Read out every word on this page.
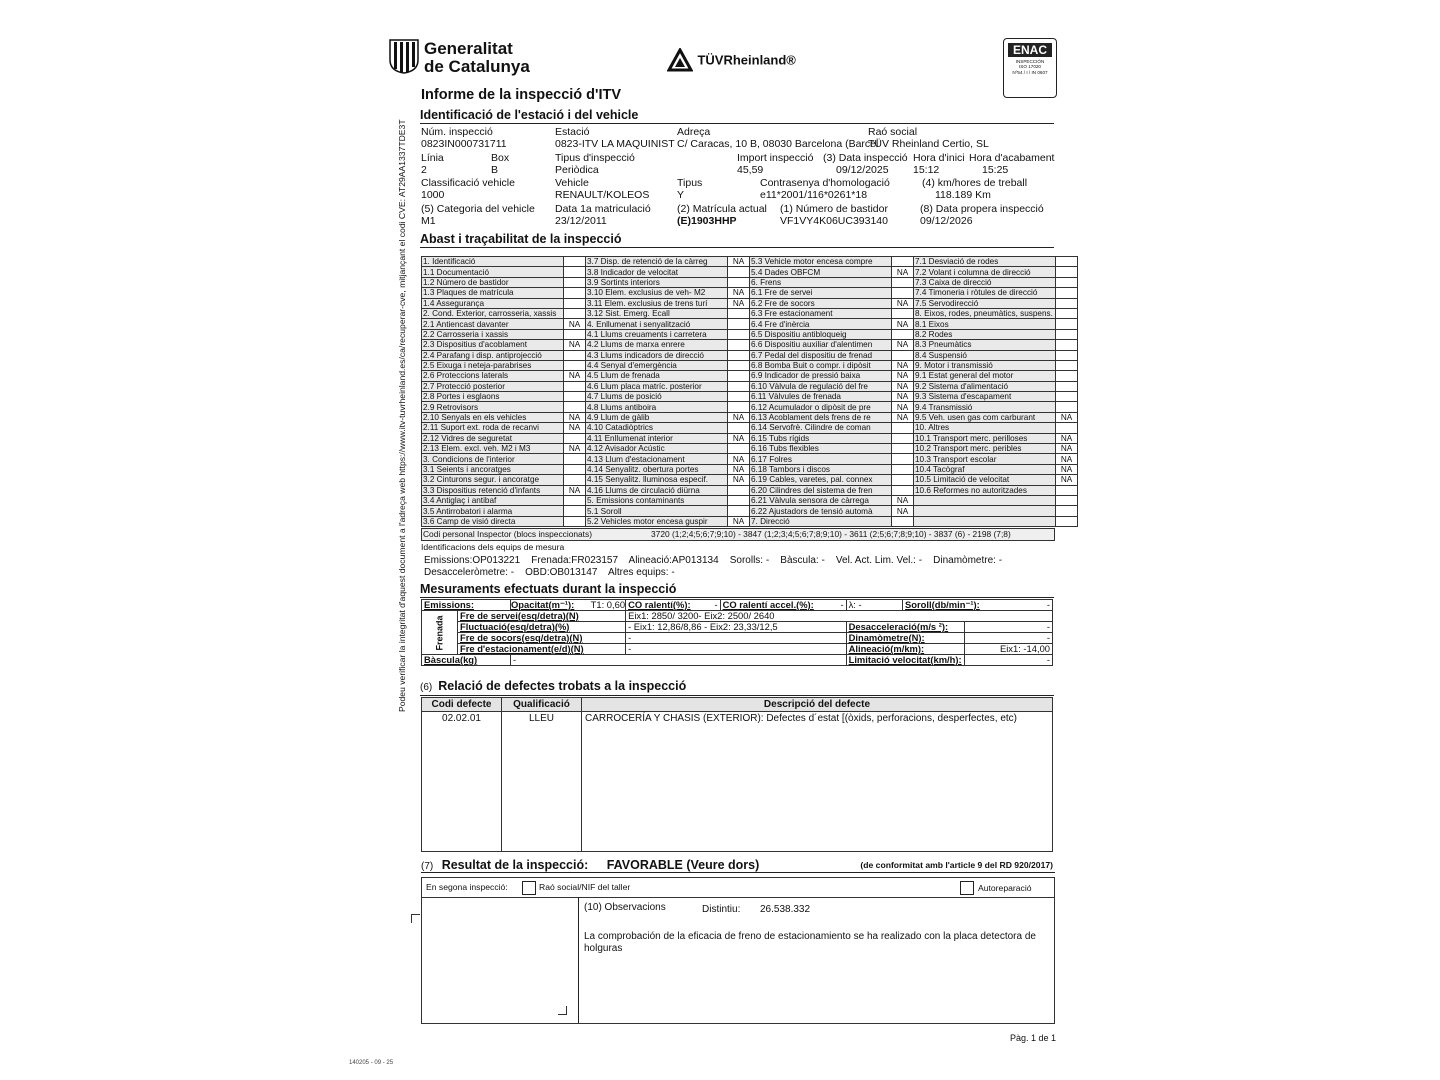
Podeu verificar la integritat d'aquest document a l'adreça web https://www.itv-tuvrheinland.es/ca/recuperar-cve, mitjançant el codi CVE: AT29AA1337TDE3T
Generalitat
de Catalunya	TÜVRheinland®
ENAC
INSPECCIÓN
ISO 17020
Nº54 / I / IN 0607
Informe de la inspecció d'ITV
Identificació de l'estació i del vehicle
Núm. inspecció
0823IN000731711
Estació
0823-ITV LA MAQUINIST
Adreça
C/ Caracas, 10 B, 08030 Barcelona (Barcel
Raó social
TÜV Rheinland Certio, SL
Línia
2
Box
B
Tipus d'inspecció
Periòdica
Import inspecció
45,59
(3) Data inspecció
09/12/2025
Hora d'inici
15:12
Hora d'acabament
15:25
Classificació vehicle
1000
Vehicle
RENAULT/KOLEOS
Tipus
Y
Contrasenya d'homologació
e11*2001/116*0261*18
(4) km/hores de treball
118.189 Km
(5) Categoria del vehicle
M1
Data 1a matriculació
23/12/2011
(2) Matrícula actual
(E)1903HHP
(1) Número de bastidor
VF1VY4K06UC393140
(8) Data propera inspecció
09/12/2026
Abast i traçabilitat de la inspecció
1. Identificació		3.7 Disp. de retenció de la càrreg	NA	5.3 Vehicle motor encesa compre		7.1 Desviació de rodes	
1.1 Documentació		3.8 Indicador de velocitat		5.4 Dades OBFCM	NA	7.2 Volant i columna de direcció	
1.2 Número de bastidor		3.9 Sortints interiors		6. Frens		7.3 Caixa de direcció	
1.3 Plaques de matrícula		3.10 Elem. exclusius de veh- M2	NA	6.1 Fre de servei		7.4 Timoneria i ròtules de direcció	
1.4 Assegurança		3.11 Elem. exclusius de trens turí	NA	6.2 Fre de socors	NA	7.5 Servodirecció	
2. Cond. Exterior, carrosseria, xassis		3.12 Sist. Emerg. Ecall		6.3 Fre estacionament		8. Eixos, rodes, pneumàtics, suspens.	
2.1 Antiencast davanter	NA	4. Enllumenat i senyalització		6.4 Fre d'inèrcia	NA	8.1 Eixos	
2.2 Carrosseria i xassis		4.1 Llums creuaments i carretera		6.5 Dispositiu antibloqueig		8.2 Rodes	
2.3 Dispositius d'acoblament	NA	4.2 Llums de marxa enrere		6.6 Dispositiu auxiliar d'alentimen	NA	8.3 Pneumàtics	
2.4 Parafang i disp. antiprojecció		4.3 Llums indicadors de direcció		6.7 Pedal del dispositiu de frenad		8.4 Suspensió	
2.5 Eixuga i neteja-parabrises		4.4 Senyal d'emergència		6.8 Bomba Buit o compr. i dipòsit	NA	9. Motor i transmissió	
2.6 Proteccions laterals	NA	4.5 Llum de frenada		6.9 Indicador de pressió baixa	NA	9.1 Estat general del motor	
2.7 Protecció posterior		4.6 Llum placa matríc. posterior		6.10 Vàlvula de regulació del fre	NA	9.2 Sistema d'alimentació	
2.8 Portes i esglaons		4.7 Llums de posició		6.11 Vàlvules de frenada	NA	9.3 Sistema d'escapament	
2.9 Retrovisors		4.8 Llums antiboira		6.12 Acumulador o dipòsit de pre	NA	9.4 Transmissió	
2.10 Senyals en els vehicles	NA	4.9 Llum de gàlib	NA	6.13 Acoblament dels frens de re	NA	9.5 Veh. usen gas com carburant	NA
2.11 Suport ext. roda de recanvi	NA	4.10 Catadiòptrics		6.14 Servofrè. Cilindre de coman		10. Altres	
2.12 Vidres de seguretat		4.11 Enllumenat interior	NA	6.15 Tubs rígids		10.1 Transport merc. perilloses	NA
2.13 Elem. excl. veh. M2 i M3	NA	4.12 Avisador Acústic		6.16 Tubs flexibles		10.2 Transport merc. peribles	NA
3. Condicions de l'interior		4.13 Llum d'estacionament	NA	6.17 Folres		10.3 Transport escolar	NA
3.1 Seients i ancoratges		4.14 Senyalitz. obertura portes	NA	6.18 Tambors i discos		10.4 Tacògraf	NA
3.2 Cinturons segur. i ancoratge		4.15 Senyalitz. lluminosa especif.	NA	6.19 Cables, varetes, pal. connex		10.5 Limitació de velocitat	NA
3.3 Dispositius retenció d'infants	NA	4.16 Llums de circulació diürna		6.20 Cilindres del sistema de fren		10.6 Reformes no autoritzades	
3.4 Antiglaç i antibaf		5. Emissions contaminants		6.21 Vàlvula sensora de càrrega	NA		
3.5 Antirrobatori i alarma		5.1 Soroll		6.22 Ajustadors de tensió automà	NA		
3.6 Camp de visió directa		5.2 Vehicles motor encesa guspir	NA	7. Direcció			
Codi personal Inspector (blocs inspeccionats)	3720 (1;2;4;5;6;7;9;10) - 3847 (1;2;3;4;5;6;7;8;9;10) - 3611 (2;5;6;7;8;9;10) - 3837 (6) - 2198 (7;8)
Identificacions dels equips de mesura
Emissions:OP013221    Frenada:FR023157    Alineació:AP013134    Sorolls: -    Bàscula: -    Vel. Act. Lim. Vel.: -    Dinamòmetre: -
Desacceleròmetre: -    OBD:OB013147    Altres equips: -
Mesuraments efectuats durant la inspecció
Emissions:		Opacitat(m⁻¹): T1: 0,60	CO ralentí(%): -	CO ralentí accel.(%): -	λ: -	Soroll(db/min⁻¹): -	

Frenada	Fre de servei(esq/detra)(N)		Eix1: 2850/ 3200- Eix2: 2500/ 2640				
	Fluctuació(esq/detra)(%)		- Eix1: 12,86/8,86 - Eix2: 23,33/12,5		Desacceleració(m/s ²):		-
	Fre de socors(esq/detra)(N)		-		Dinamòmetre(N):		-
	Fre d'estacionament(e/d)(N)		-		Alineació(m/km):		Eix1: -14,00
Bàscula(kg)		-			Limitació velocitat(km/h):		-
(6) Relació de defectes trobats a la inspecció
Codi defecte	Qualificació	Descripció del defecte
02.02.01	LLEU	CARROCERÍA Y CHASIS (EXTERIOR): Defectes d´estat [(òxids, perforacions, desperfectes, etc)
(7) Resultat de la inspecció: FAVORABLE (Veure dors)	(de conformitat amb l'article 9 del RD 920/2017)
En segona inspecció:	Raó social/NIF del taller	Autoreparació
(10) Observacions	Distintiu: 26.538.332
La comprobación de la eficacia de freno de estacionamiento se ha realizado con la placa detectora de holguras
Pàg. 1 de 1
140205 - 09 - 25
